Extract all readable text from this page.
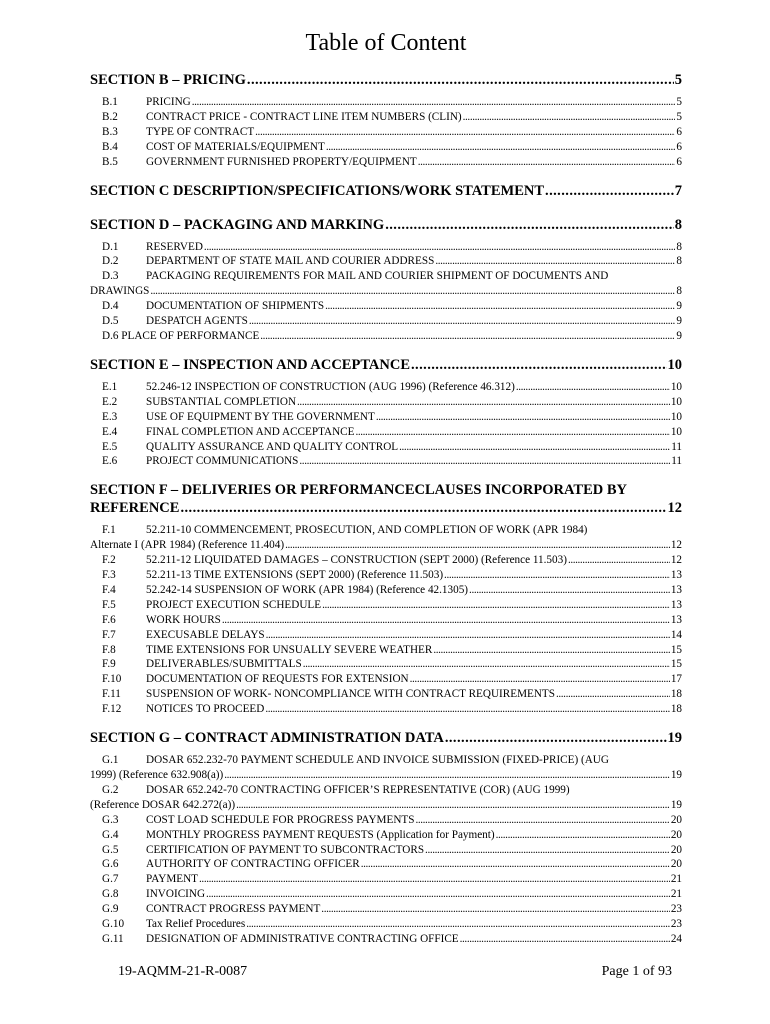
Table of Content
SECTION B – PRICING . . .	5
B.1	PRICING . . .	5
B.2	CONTRACT PRICE - CONTRACT LINE ITEM NUMBERS (CLIN) . . .	5
B.3	TYPE OF CONTRACT . . .	6
B.4	COST OF MATERIALS/EQUIPMENT . . .	6
B.5	GOVERNMENT FURNISHED PROPERTY/EQUIPMENT . . .	6
SECTION C DESCRIPTION/SPECIFICATIONS/WORK STATEMENT . . .	7
SECTION D – PACKAGING AND MARKING . . .	8
D.1	RESERVED . . .	8
D.2	DEPARTMENT OF STATE MAIL AND COURIER ADDRESS . . .	8
D.3	PACKAGING REQUIREMENTS FOR MAIL AND COURIER SHIPMENT OF DOCUMENTS AND
DRAWINGS . . .	8
D.4	DOCUMENTATION OF SHIPMENTS . . .	9
D.5	DESPATCH AGENTS . . .	9
D.6 PLACE OF PERFORMANCE . . .	9
SECTION E – INSPECTION AND ACCEPTANCE . . .	10
E.1	52.246-12 INSPECTION OF CONSTRUCTION (AUG 1996) (Reference 46.312) . . .	10
E.2	SUBSTANTIAL COMPLETION . . .	10
E.3	USE OF EQUIPMENT BY THE GOVERNMENT . . .	10
E.4	FINAL COMPLETION AND ACCEPTANCE . . .	10
E.5	QUALITY ASSURANCE AND QUALITY CONTROL . . .	11
E.6	PROJECT COMMUNICATIONS . . .	11
SECTION F – DELIVERIES OR PERFORMANCECLAUSES INCORPORATED BY
REFERENCE . . .	12
F.1	52.211-10 COMMENCEMENT, PROSECUTION, AND COMPLETION OF WORK (APR 1984)
Alternate I (APR 1984) (Reference 11.404) . . .	12
F.2	52.211-12 LIQUIDATED DAMAGES – CONSTRUCTION (SEPT 2000) (Reference 11.503) . . .	12
F.3	52.211-13 TIME EXTENSIONS (SEPT 2000) (Reference 11.503) . . .	13
F.4	52.242-14 SUSPENSION OF WORK (APR 1984) (Reference 42.1305) . . .	13
F.5	PROJECT EXECUTION SCHEDULE . . .	13
F.6	WORK HOURS . . .	13
F.7	EXECUSABLE DELAYS . . .	14
F.8	TIME EXTENSIONS FOR UNSUALLY SEVERE WEATHER . . .	15
F.9	DELIVERABLES/SUBMITTALS . . .	15
F.10	DOCUMENTATION OF REQUESTS FOR EXTENSION . . .	17
F.11	SUSPENSION OF WORK- NONCOMPLIANCE WITH CONTRACT REQUIREMENTS . . .	18
F.12	NOTICES TO PROCEED . . .	18
SECTION G – CONTRACT ADMINISTRATION DATA . . .	19
G.1	DOSAR 652.232-70 PAYMENT SCHEDULE AND INVOICE SUBMISSION (FIXED-PRICE) (AUG
1999) (Reference 632.908(a)) . . .	19
G.2	DOSAR 652.242-70 CONTRACTING OFFICER’S REPRESENTATIVE (COR) (AUG 1999)
(Reference DOSAR 642.272(a)) . . .	19
G.3	COST LOAD SCHEDULE FOR PROGRESS PAYMENTS . . .	20
G.4	MONTHLY PROGRESS PAYMENT REQUESTS (Application for Payment) . . .	20
G.5	CERTIFICATION OF PAYMENT TO SUBCONTRACTORS . . .	20
G.6	AUTHORITY OF CONTRACTING OFFICER . . .	20
G.7	PAYMENT . . .	21
G.8	INVOICING . . .	21
G.9	CONTRACT PROGRESS PAYMENT . . .	23
G.10	Tax Relief Procedures . . .	23
G.11	DESIGNATION OF ADMINISTRATIVE CONTRACTING OFFICE . . .	24
19-AQMM-21-R-0087	Page 1 of 93
